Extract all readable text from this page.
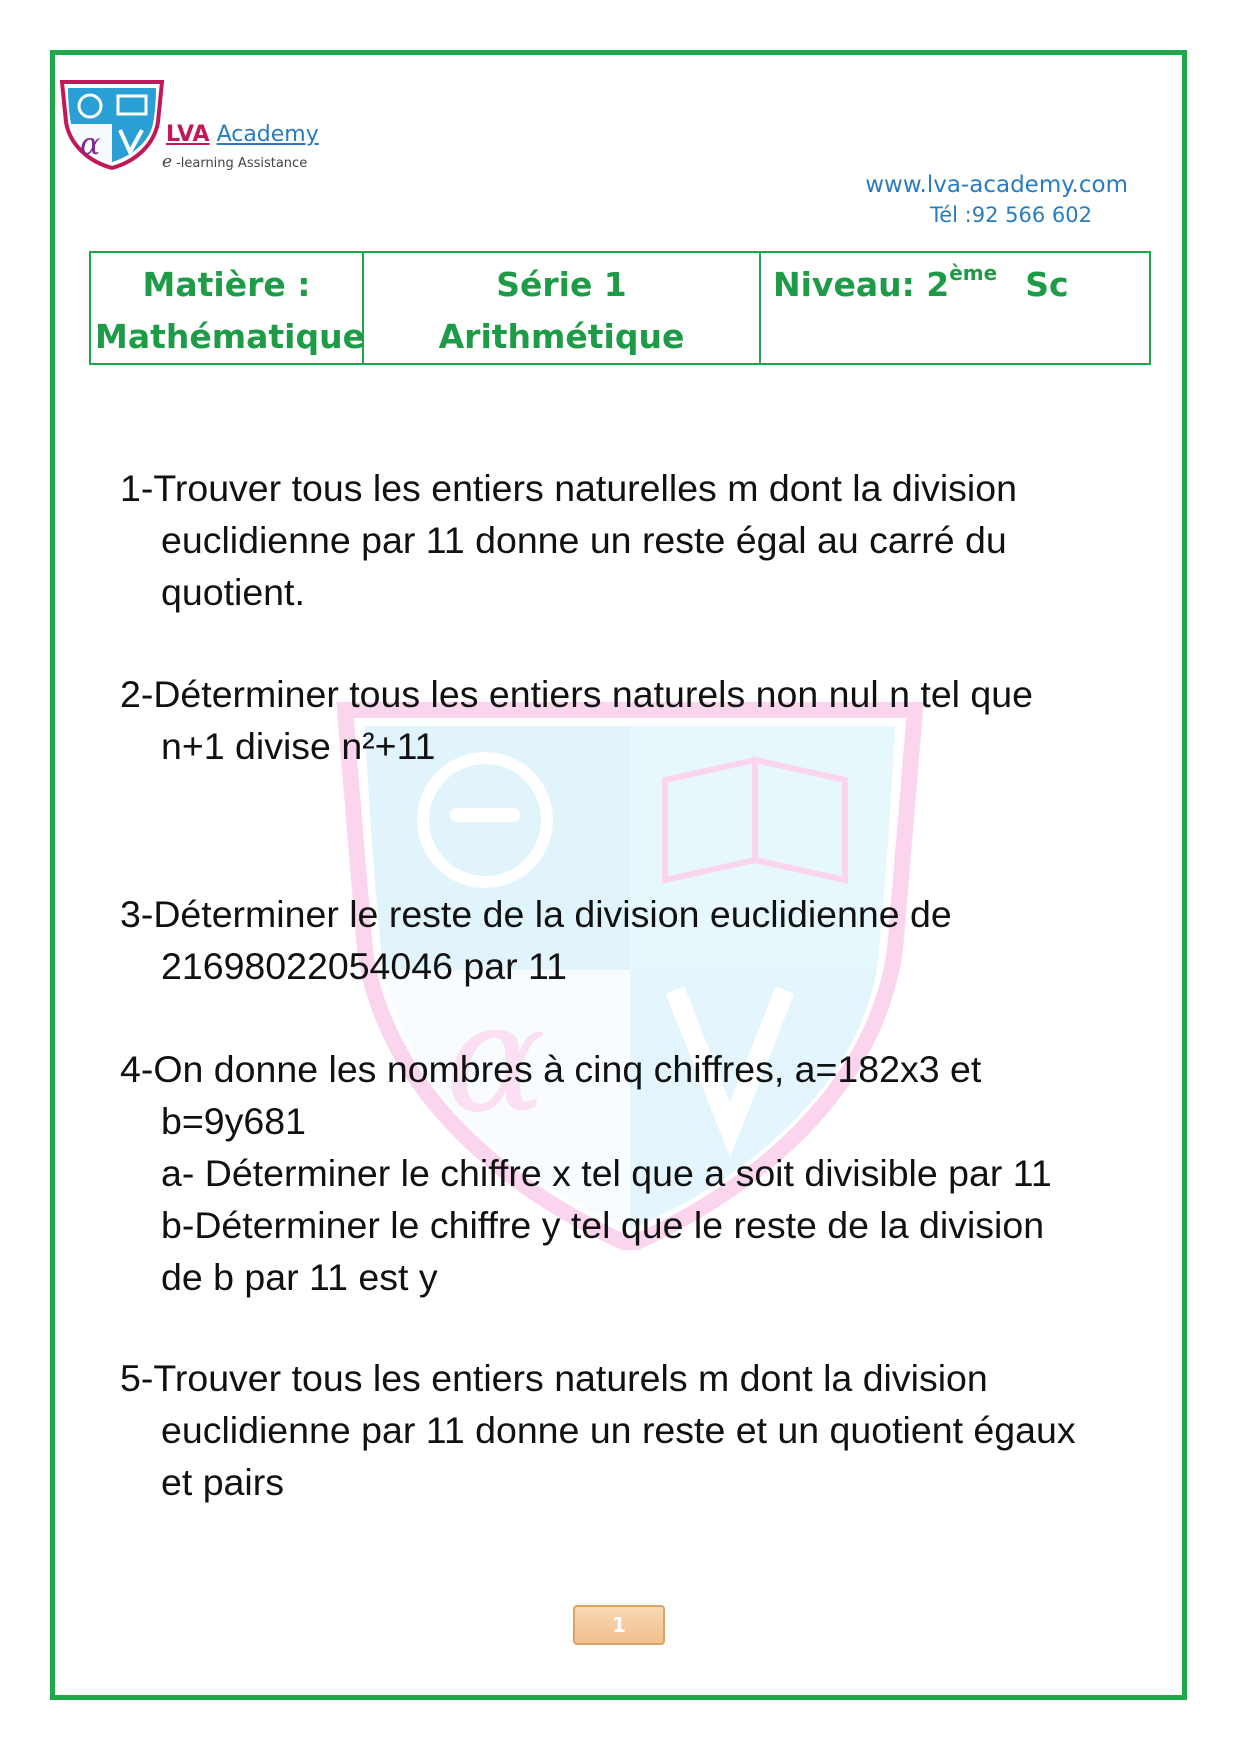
α
α	LVA Academy
e -learning Assistance
www.lva-academy.com
Tél :92 566 602
Matière :
Mathématique

Série 1
Arithmétique
	Niveau: 2ème Sc
1-Trouver tous les entiers naturelles m dont la division
euclidienne par 11 donne un reste égal au carré du
quotient.
2-Déterminer tous les entiers naturels non nul n tel que
n+1 divise n²+11
3-Déterminer le reste de la division euclidienne de
21698022054046 par 11
4-On donne les nombres à cinq chiffres, a=182x3 et
b=9y681
a- Déterminer le chiffre x tel que a soit divisible par 11
b-Déterminer le chiffre y tel que le reste de la division
de b par 11 est y
5-Trouver tous les entiers naturels m dont la division
euclidienne par 11 donne un reste et un quotient égaux
et pairs
1
